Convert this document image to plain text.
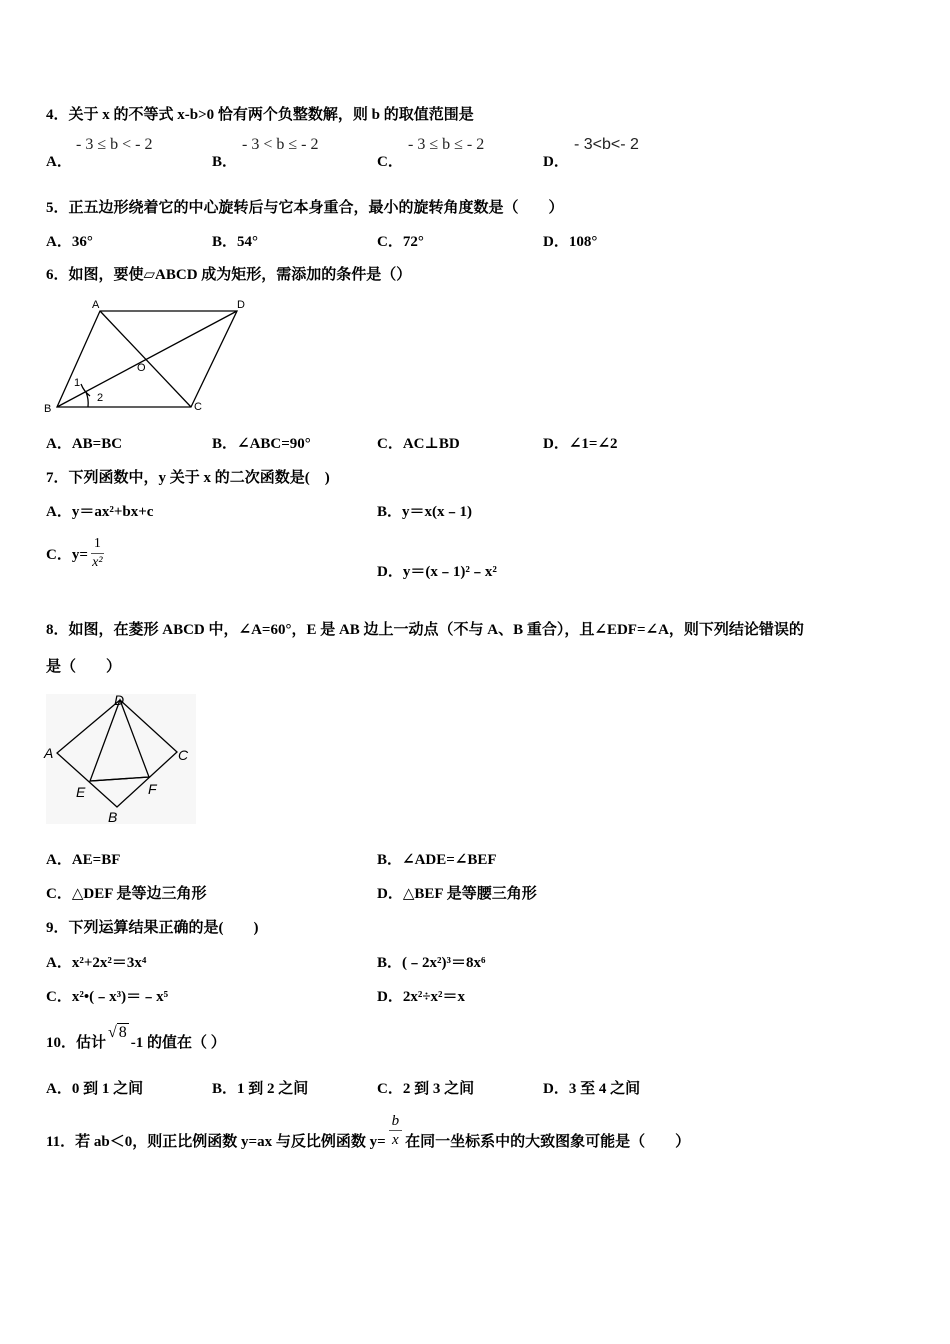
4．关于 x 的不等式 x-b>0 恰有两个负整数解，则 b 的取值范围是
A．
- 3 ≤ b < - 2
B．
- 3 < b ≤ - 2
C．
- 3 ≤ b ≤ - 2
D．
- 3<b<- 2
5．正五边形绕着它的中心旋转后与它本身重合，最小的旋转角度数是（　　）
A．36°	B．54°	C．72°	D．108°
6．如图，要使▱ABCD 成为矩形，需添加的条件是（）
A	D
B	C
O
1
2
A．AB=BC	B．∠ABC=90°	C．AC⊥BD	D．∠1=∠2
7．下列函数中，y 关于 x 的二次函数是(　)
A．y＝ax²+bx+c	B．y＝x(x﹣1)
C．$y= \frac{1}{\text{x²}}$	D．y＝(x﹣1)²﹣x²
8．如图，在菱形 ABCD 中，∠A=60°，E 是 AB 边上一动点（不与 A、B 重合），且∠EDF=∠A，则下列结论错误的
是（　　）
D
A	C
E	F
B
A．AE=BF	B．∠ADE=∠BEF
C．△DEF 是等边三角形	D．△BEF 是等腰三角形
9．下列运算结果正确的是(　　)
A．x²+2x²＝3x⁴	B．(﹣2x²)³＝8x⁶
C．x²•(﹣x³)＝﹣x⁵	D．2x²÷x²＝x
10．估计
√ 8
-1 的值在（ ）
A．0 到 1 之间	B．1 到 2 之间	C．2 到 3 之间	D．3 至 4 之间
11．若 ab＜0，则正比例函数 y=ax 与反比例函数 $y= \frac{b}{x}$ 在同一坐标系中的大致图象可能是（　　）
